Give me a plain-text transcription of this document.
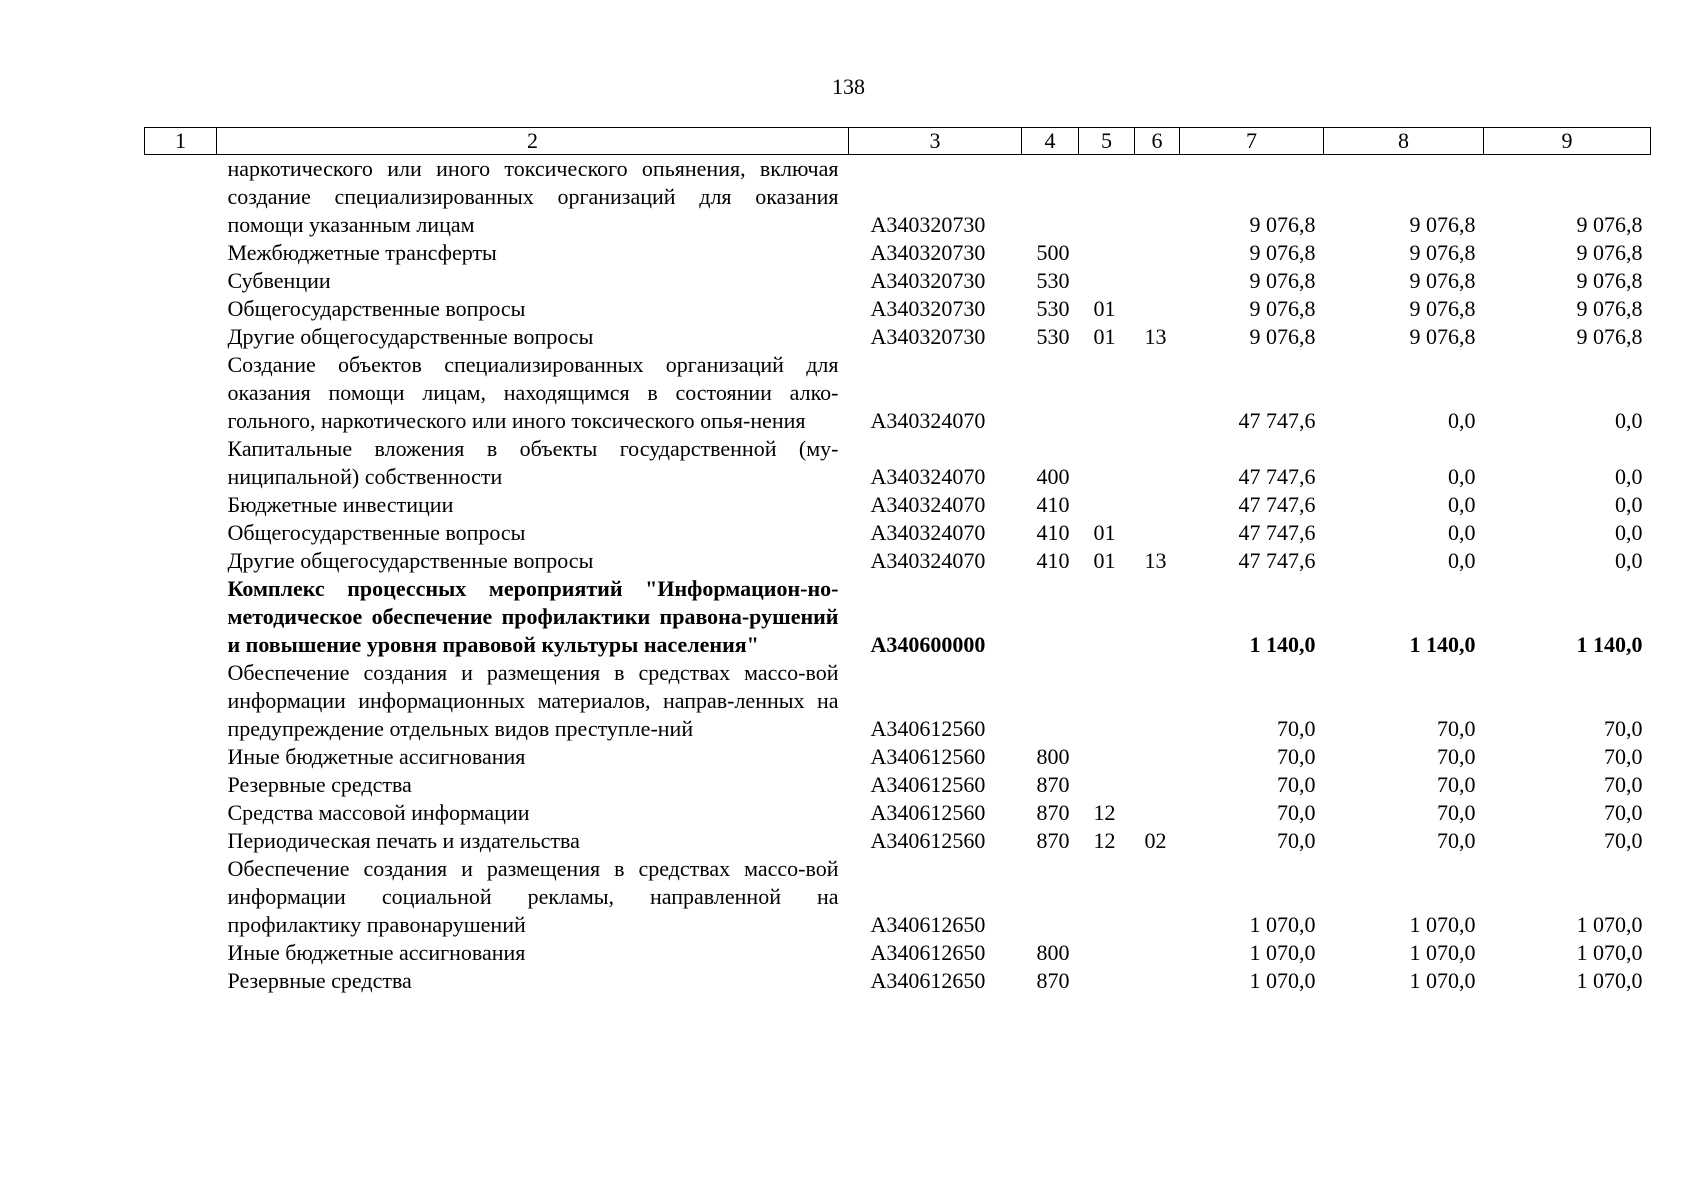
138
1	2	3	4	5	6	7	8	9
	наркотического или иного токсического опьянения, включая создание специализированных организаций для оказания помощи указанным лицам	А340320730				9 076,8	9 076,8	9 076,8
	Межбюджетные трансферты	А340320730	500			9 076,8	9 076,8	9 076,8
	Субвенции	А340320730	530			9 076,8	9 076,8	9 076,8
	Общегосударственные вопросы	А340320730	530	01		9 076,8	9 076,8	9 076,8
	Другие общегосударственные вопросы	А340320730	530	01	13	9 076,8	9 076,8	9 076,8
	Создание объектов специализированных организаций для оказания помощи лицам, находящимся в состоянии алко-гольного, наркотического или иного токсического опья-нения	А340324070				47 747,6	0,0	0,0
	Капитальные вложения в объекты государственной (му-ниципальной) собственности	А340324070	400			47 747,6	0,0	0,0
	Бюджетные инвестиции	А340324070	410			47 747,6	0,0	0,0
	Общегосударственные вопросы	А340324070	410	01		47 747,6	0,0	0,0
	Другие общегосударственные вопросы	А340324070	410	01	13	47 747,6	0,0	0,0
	Комплекс процессных мероприятий "Информацион-но-методическое обеспечение профилактики правона-рушений и повышение уровня правовой культуры населения"	А340600000				1 140,0	1 140,0	1 140,0
	Обеспечение создания и размещения в средствах массо-вой информации информационных материалов, направ-ленных на предупреждение отдельных видов преступле-ний	А340612560				70,0	70,0	70,0
	Иные бюджетные ассигнования	А340612560	800			70,0	70,0	70,0
	Резервные средства	А340612560	870			70,0	70,0	70,0
	Средства массовой информации	А340612560	870	12		70,0	70,0	70,0
	Периодическая печать и издательства	А340612560	870	12	02	70,0	70,0	70,0
	Обеспечение создания и размещения в средствах массо-вой информации социальной рекламы, направленной на профилактику правонарушений	А340612650				1 070,0	1 070,0	1 070,0
	Иные бюджетные ассигнования	А340612650	800			1 070,0	1 070,0	1 070,0
	Резервные средства	А340612650	870			1 070,0	1 070,0	1 070,0
